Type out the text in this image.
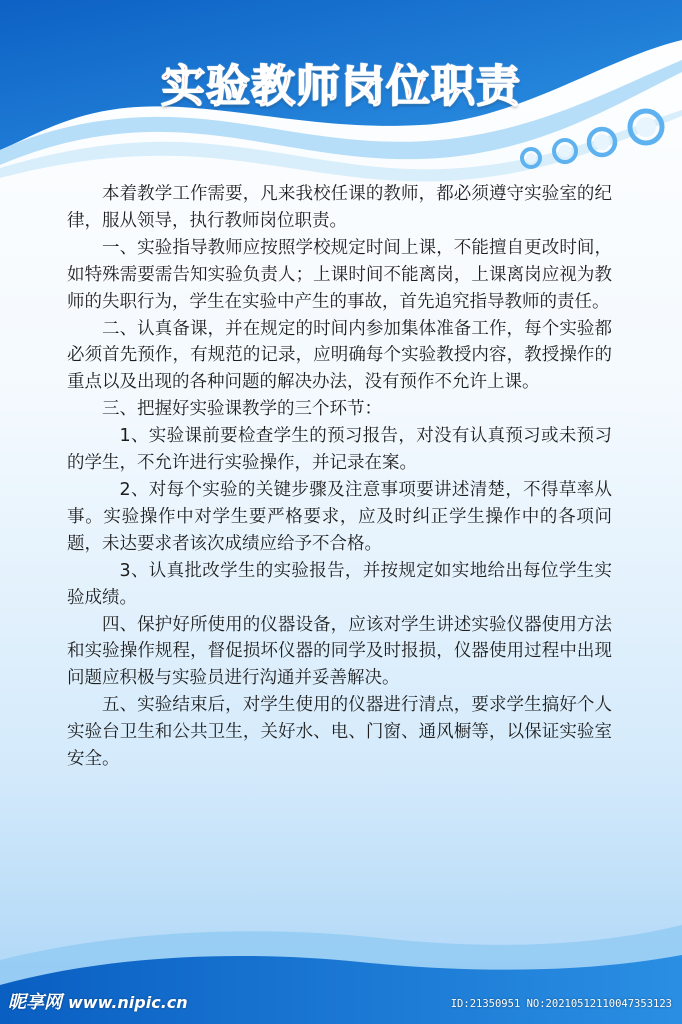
实验教师岗位职责

本着教学工作需要，凡来我校任课的教师，都必须遵守实验室的纪律，服从领导，执行教师岗位职责。

一、实验指导教师应按照学校规定时间上课，不能擅自更改时间，如特殊需要需告知实验负责人；上课时间不能离岗，上课离岗应视为教师的失职行为，学生在实验中产生的事故，首先追究指导教师的责任。

二、认真备课，并在规定的时间内参加集体准备工作，每个实验都必须首先预作，有规范的记录，应明确每个实验教授内容，教授操作的重点以及出现的各种问题的解决办法，没有预作不允许上课。

三、把握好实验课教学的三个环节：

1、实验课前要检查学生的预习报告，对没有认真预习或未预习的学生，不允许进行实验操作，并记录在案。

2、对每个实验的关键步骤及注意事项要讲述清楚，不得草率从事。实验操作中对学生要严格要求，应及时纠正学生操作中的各项问题，未达要求者该次成绩应给予不合格。

3、认真批改学生的实验报告，并按规定如实地给出每位学生实验成绩。

四、保护好所使用的仪器设备，应该对学生讲述实验仪器使用方法和实验操作规程，督促损坏仪器的同学及时报损，仪器使用过程中出现问题应积极与实验员进行沟通并妥善解决。

五、实验结束后，对学生使用的仪器进行清点，要求学生搞好个人实验台卫生和公共卫生，关好水、电、门窗、通风橱等，以保证实验室安全。

昵享网 www.nipic.cn	ID:21350951 NO:20210512110047353123
